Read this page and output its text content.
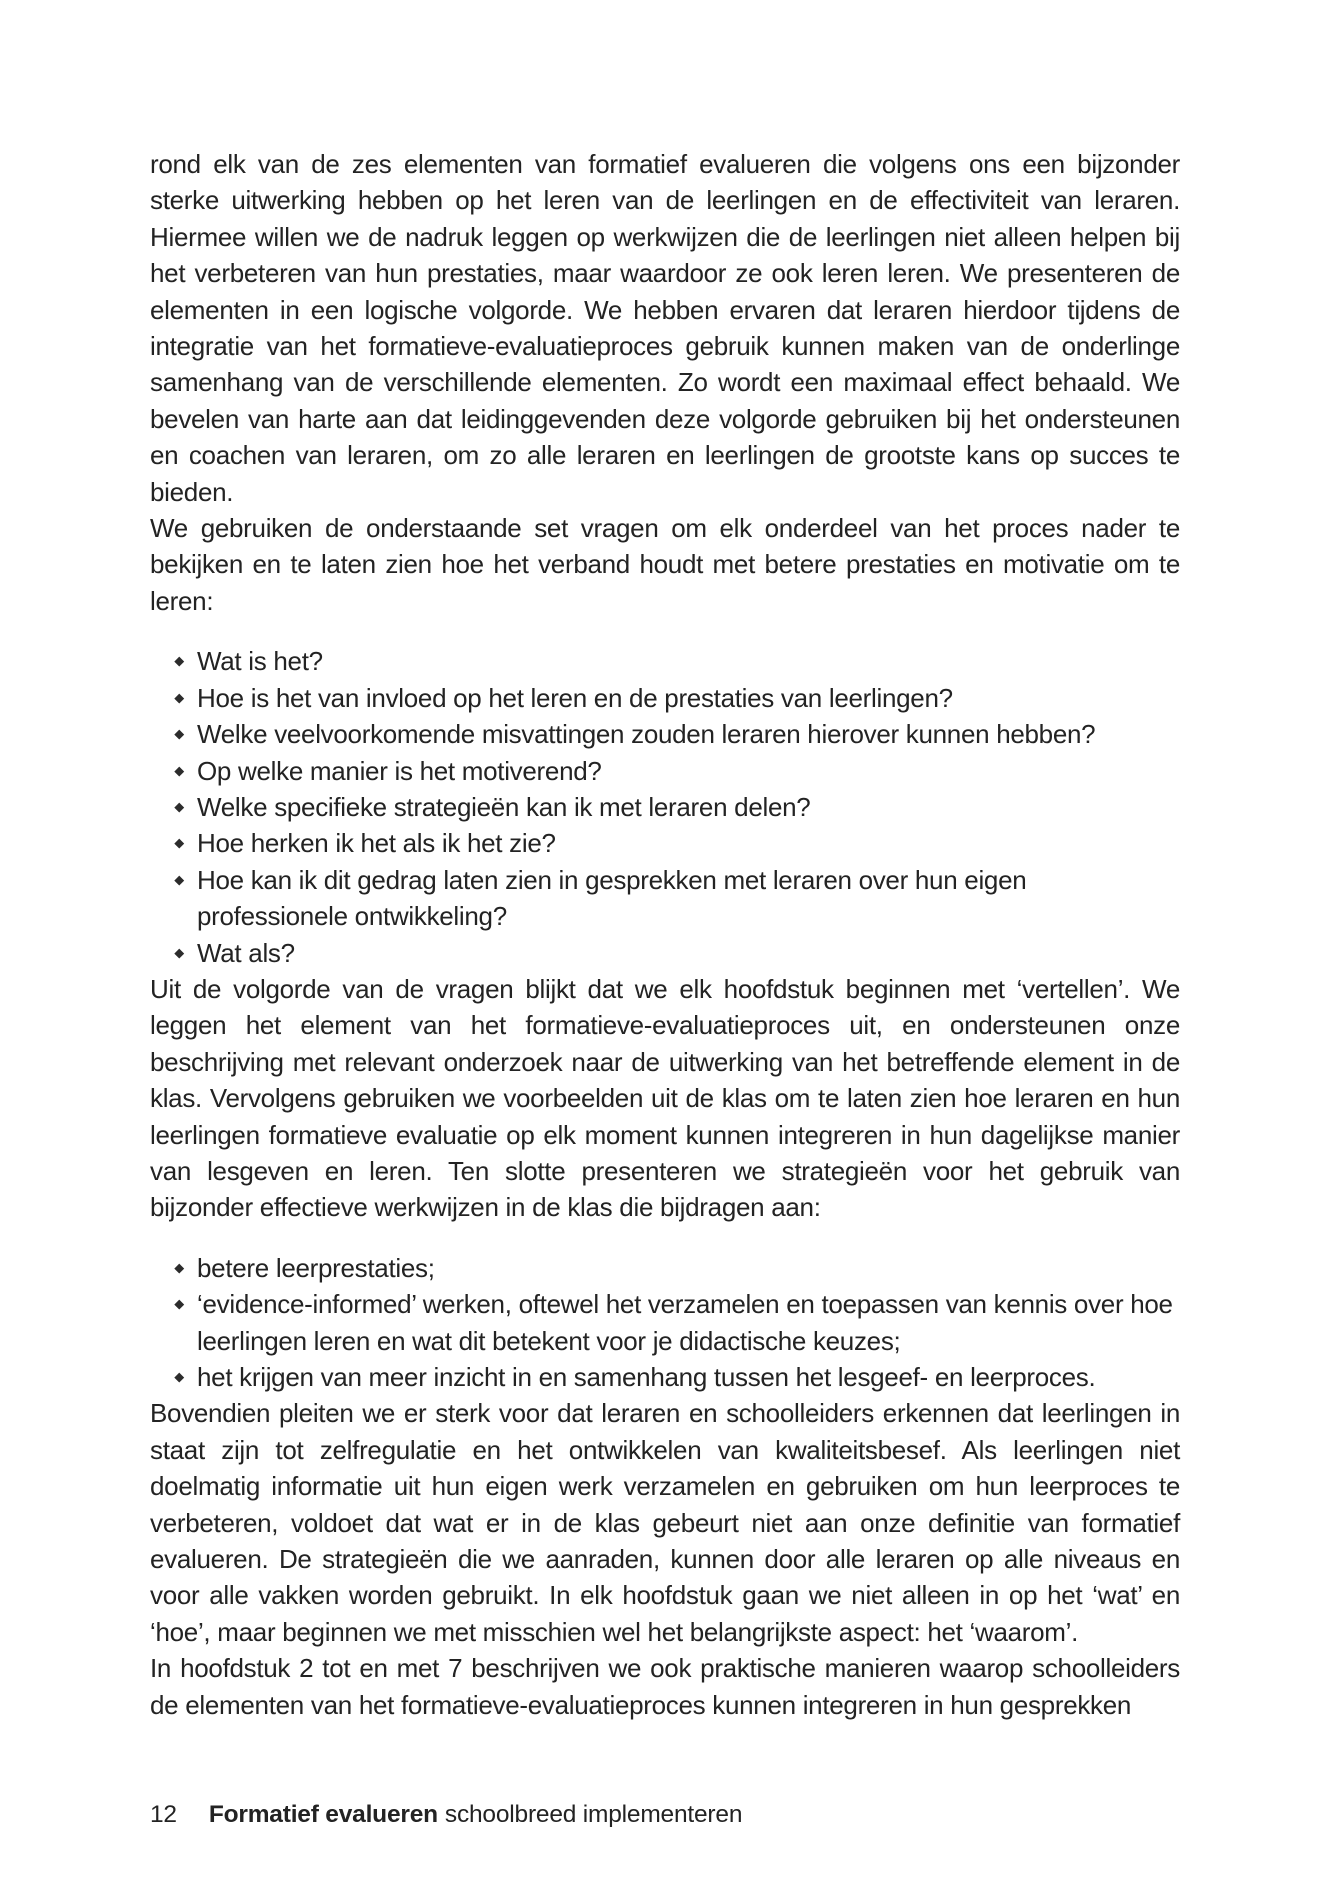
rond elk van de zes elementen van formatief evalueren die volgens ons een bijzonder sterke uitwerking hebben op het leren van de leerlingen en de effectiviteit van leraren. Hiermee willen we de nadruk leggen op werkwijzen die de leerlingen niet alleen helpen bij het verbeteren van hun prestaties, maar waardoor ze ook leren leren. We presenteren de elementen in een logische volgorde. We hebben ervaren dat leraren hierdoor tijdens de integratie van het formatieve-evaluatieproces gebruik kunnen maken van de onderlinge samenhang van de verschillende elementen. Zo wordt een maximaal effect behaald. We bevelen van harte aan dat leidinggevenden deze volgorde gebruiken bij het ondersteunen en coachen van leraren, om zo alle leraren en leerlingen de grootste kans op succes te bieden.

We gebruiken de onderstaande set vragen om elk onderdeel van het proces nader te bekijken en te laten zien hoe het verband houdt met betere prestaties en motivatie om te leren:

Wat is het?
Hoe is het van invloed op het leren en de prestaties van leerlingen?
Welke veelvoorkomende misvattingen zouden leraren hierover kunnen hebben?
Op welke manier is het motiverend?
Welke specifieke strategieën kan ik met leraren delen?
Hoe herken ik het als ik het zie?
Hoe kan ik dit gedrag laten zien in gesprekken met leraren over hun eigen professionele ontwikkeling?
Wat als?

Uit de volgorde van de vragen blijkt dat we elk hoofdstuk beginnen met ‘vertellen’. We leggen het element van het formatieve-evaluatieproces uit, en ondersteunen onze beschrijving met relevant onderzoek naar de uitwerking van het betreffende element in de klas. Vervolgens gebruiken we voorbeelden uit de klas om te laten zien hoe leraren en hun leerlingen formatieve evaluatie op elk moment kunnen integreren in hun dagelijkse manier van lesgeven en leren. Ten slotte presenteren we strategieën voor het gebruik van bijzonder effectieve werkwijzen in de klas die bijdragen aan:

betere leerprestaties;
‘evidence-informed’ werken, oftewel het verzamelen en toepassen van kennis over hoe leerlingen leren en wat dit betekent voor je didactische keuzes;
het krijgen van meer inzicht in en samenhang tussen het lesgeef- en leerproces.

Bovendien pleiten we er sterk voor dat leraren en schoolleiders erkennen dat leerlingen in staat zijn tot zelfregulatie en het ontwikkelen van kwaliteitsbesef. Als leerlingen niet doelmatig informatie uit hun eigen werk verzamelen en gebruiken om hun leerproces te verbeteren, voldoet dat wat er in de klas gebeurt niet aan onze definitie van formatief evalueren. De strategieën die we aanraden, kunnen door alle leraren op alle niveaus en voor alle vakken worden gebruikt. In elk hoofdstuk gaan we niet alleen in op het ‘wat’ en ‘hoe’, maar beginnen we met misschien wel het belangrijkste aspect: het ‘waarom’.

In hoofdstuk 2 tot en met 7 beschrijven we ook praktische manieren waarop schoolleiders de elementen van het formatieve-evaluatieproces kunnen integreren in hun gesprekken

12 Formatief evalueren schoolbreed implementeren
